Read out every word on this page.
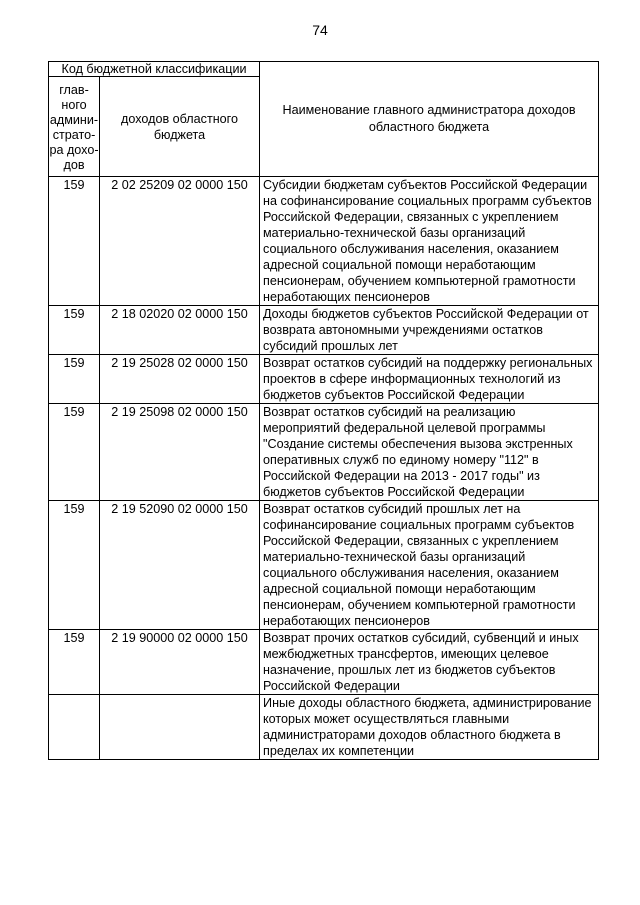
74
Код бюджетной классификации		Наименование главного администратора доходов областного бюджета
глав-ного админи-страто-ра дохо-дов	доходов областного бюджета	
159	2 02 25209 02 0000 150	Субсидии бюджетам субъектов Российской Федерации на софинансирование социальных программ субъектов Российской Федерации, связанных с укреплением материально-технической базы организаций социального обслуживания населения, оказанием адресной социальной помощи неработающим пенсионерам, обучением компьютерной грамотности неработающих пенсионеров
159	2 18 02020 02 0000 150	Доходы бюджетов субъектов Российской Федерации от возврата автономными учреждениями остатков субсидий прошлых лет
159	2 19 25028 02 0000 150	Возврат остатков субсидий на поддержку региональных проектов в сфере информационных технологий из бюджетов субъектов Российской Федерации
159	2 19 25098 02 0000 150	Возврат остатков субсидий на реализацию мероприятий федеральной целевой программы "Создание системы обеспечения вызова экстренных оперативных служб по единому номеру "112" в Российской Федерации на 2013 - 2017 годы" из бюджетов субъектов Российской Федерации
159	2 19 52090 02 0000 150	Возврат остатков субсидий прошлых лет на софинансирование социальных программ субъектов Российской Федерации, связанных с укреплением материально-технической базы организаций социального обслуживания населения, оказанием адресной социальной помощи неработающим пенсионерам, обучением компьютерной грамотности неработающих пенсионеров
159	2 19 90000 02 0000 150	Возврат прочих остатков субсидий, субвенций и иных межбюджетных трансфертов, имеющих целевое назначение, прошлых лет из бюджетов субъектов Российской Федерации
		Иные доходы областного бюджета, администрирование которых может осуществляться главными администраторами доходов областного бюджета в пределах их компетенции
